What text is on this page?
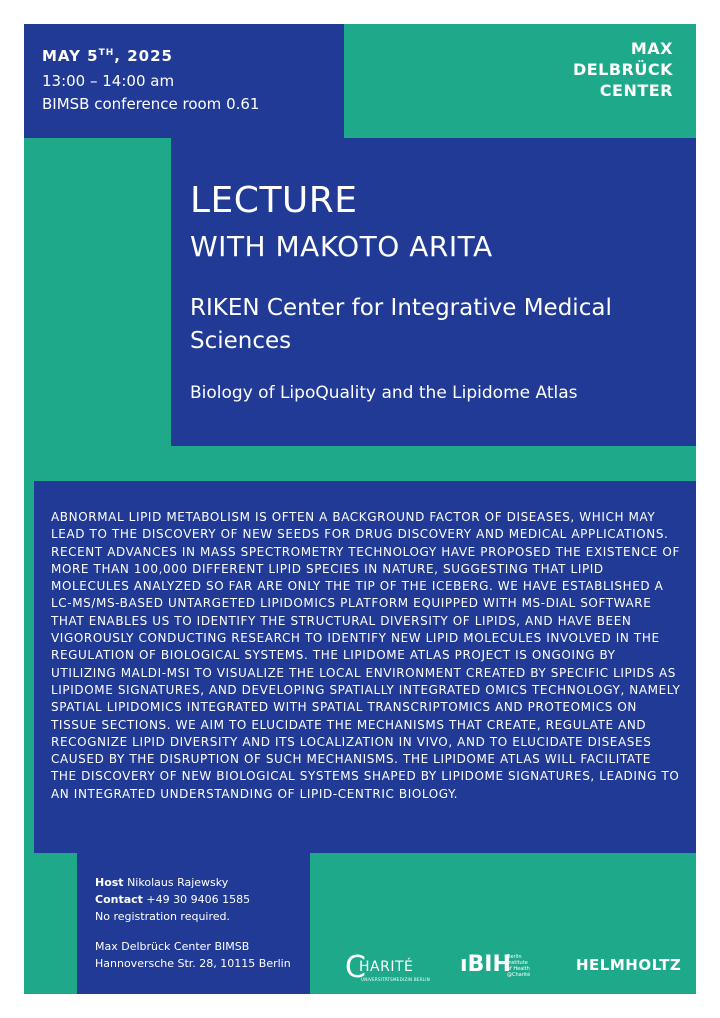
MAY 5TH, 2025
13:00 – 14:00 am
BIMSB conference room 0.61
MAX
DELBRÜCK
CENTER
LECTURE
WITH MAKOTO ARITA
RIKEN Center for Integrative Medical Sciences
Biology of LipoQuality and the Lipidome Atlas
ABNORMAL LIPID METABOLISM IS OFTEN A BACKGROUND FACTOR OF DISEASES, WHICH MAY LEAD TO THE DISCOVERY OF NEW SEEDS FOR DRUG DISCOVERY AND MEDICAL APPLICATIONS. RECENT ADVANCES IN MASS SPECTROMETRY TECHNOLOGY HAVE PROPOSED THE EXISTENCE OF MORE THAN 100,000 DIFFERENT LIPID SPECIES IN NATURE, SUGGESTING THAT LIPID MOLECULES ANALYZED SO FAR ARE ONLY THE TIP OF THE ICEBERG. WE HAVE ESTABLISHED A LC-MS/MS-BASED UNTARGETED LIPIDOMICS PLATFORM EQUIPPED WITH MS-DIAL SOFTWARE THAT ENABLES US TO IDENTIFY THE STRUCTURAL DIVERSITY OF LIPIDS, AND HAVE BEEN VIGOROUSLY CONDUCTING RESEARCH TO IDENTIFY NEW LIPID MOLECULES INVOLVED IN THE REGULATION OF BIOLOGICAL SYSTEMS. THE LIPIDOME ATLAS PROJECT IS ONGOING BY UTILIZING MALDI-MSI TO VISUALIZE THE LOCAL ENVIRONMENT CREATED BY SPECIFIC LIPIDS AS LIPIDOME SIGNATURES, AND DEVELOPING SPATIALLY INTEGRATED OMICS TECHNOLOGY, NAMELY SPATIAL LIPIDOMICS INTEGRATED WITH SPATIAL TRANSCRIPTOMICS AND PROTEOMICS ON TISSUE SECTIONS. WE AIM TO ELUCIDATE THE MECHANISMS THAT CREATE, REGULATE AND RECOGNIZE LIPID DIVERSITY AND ITS LOCALIZATION IN VIVO, AND TO ELUCIDATE DISEASES CAUSED BY THE DISRUPTION OF SUCH MECHANISMS. THE LIPIDOME ATLAS WILL FACILITATE THE DISCOVERY OF NEW BIOLOGICAL SYSTEMS SHAPED BY LIPIDOME SIGNATURES, LEADING TO AN INTEGRATED UNDERSTANDING OF LIPID-CENTRIC BIOLOGY.
Host Nikolaus Rajewsky
Contact +49 30 9406 1585
No registration required.
Max Delbrück Center BIMSB
Hannoversche Str. 28, 10115 Berlin C
HARITÉ
UNIVERSITÄTSMEDIZIN BERLIN
ıBIH
Berlin Institute
of Health
@Charité
HELMHOLTZ
